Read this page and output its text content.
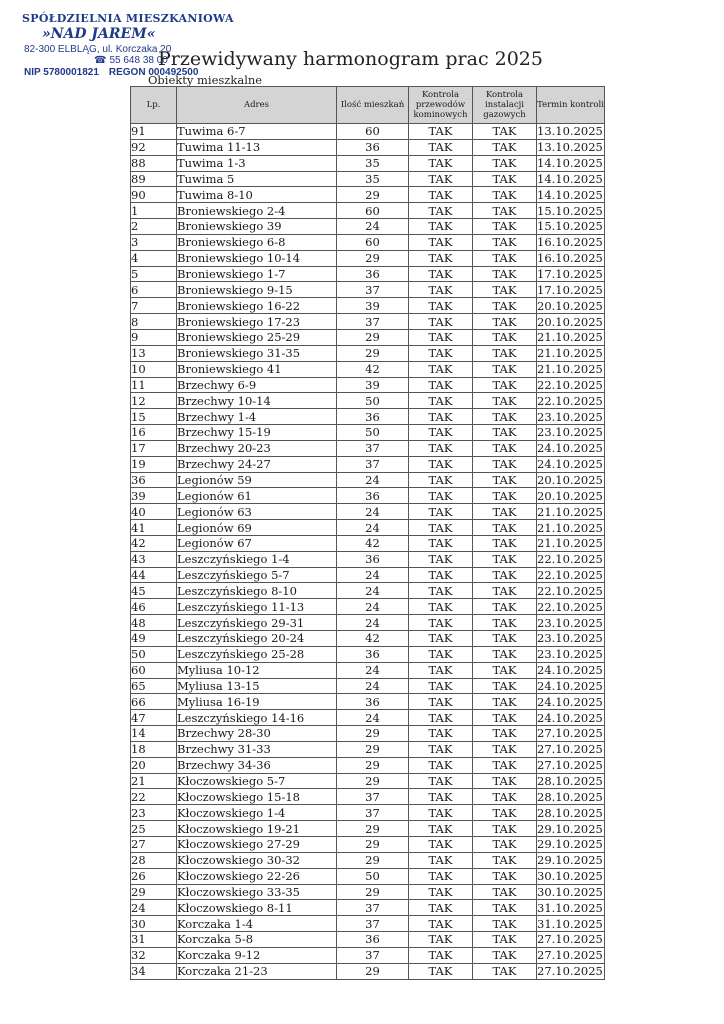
SPÓŁDZIELNIA MIESZKANIOWA
»NAD JAREM«
82-300 ELBLĄG, ul. Korczaka 20
☎ 55 648 38 00
NIP 5780001821 REGON 000492500
Przewidywany harmonogram prac 2025
Obiekty mieszkalne
Lp.	Adres	Ilość mieszkań	Kontrola przewodów kominowych	Kontrola instalacji gazowych	Termin kontroli
91	Tuwima 6-7	60	TAK	TAK	13.10.2025
92	Tuwima 11-13	36	TAK	TAK	13.10.2025
88	Tuwima 1-3	35	TAK	TAK	14.10.2025
89	Tuwima 5	35	TAK	TAK	14.10.2025
90	Tuwima 8-10	29	TAK	TAK	14.10.2025
1	Broniewskiego 2-4	60	TAK	TAK	15.10.2025
2	Broniewskiego 39	24	TAK	TAK	15.10.2025
3	Broniewskiego 6-8	60	TAK	TAK	16.10.2025
4	Broniewskiego 10-14	29	TAK	TAK	16.10.2025
5	Broniewskiego 1-7	36	TAK	TAK	17.10.2025
6	Broniewskiego 9-15	37	TAK	TAK	17.10.2025
7	Broniewskiego 16-22	39	TAK	TAK	20.10.2025
8	Broniewskiego 17-23	37	TAK	TAK	20.10.2025
9	Broniewskiego 25-29	29	TAK	TAK	21.10.2025
13	Broniewskiego 31-35	29	TAK	TAK	21.10.2025
10	Broniewskiego 41	42	TAK	TAK	21.10.2025
11	Brzechwy 6-9	39	TAK	TAK	22.10.2025
12	Brzechwy 10-14	50	TAK	TAK	22.10.2025
15	Brzechwy 1-4	36	TAK	TAK	23.10.2025
16	Brzechwy 15-19	50	TAK	TAK	23.10.2025
17	Brzechwy 20-23	37	TAK	TAK	24.10.2025
19	Brzechwy 24-27	37	TAK	TAK	24.10.2025
36	Legionów 59	24	TAK	TAK	20.10.2025
39	Legionów 61	36	TAK	TAK	20.10.2025
40	Legionów 63	24	TAK	TAK	21.10.2025
41	Legionów 69	24	TAK	TAK	21.10.2025
42	Legionów 67	42	TAK	TAK	21.10.2025
43	Leszczyńskiego 1-4	36	TAK	TAK	22.10.2025
44	Leszczyńskiego 5-7	24	TAK	TAK	22.10.2025
45	Leszczyńskiego 8-10	24	TAK	TAK	22.10.2025
46	Leszczyńskiego 11-13	24	TAK	TAK	22.10.2025
48	Leszczyńskiego 29-31	24	TAK	TAK	23.10.2025
49	Leszczyńskiego 20-24	42	TAK	TAK	23.10.2025
50	Leszczyńskiego 25-28	36	TAK	TAK	23.10.2025
60	Myliusa 10-12	24	TAK	TAK	24.10.2025
65	Myliusa 13-15	24	TAK	TAK	24.10.2025
66	Myliusa 16-19	36	TAK	TAK	24.10.2025
47	Leszczyńskiego 14-16	24	TAK	TAK	24.10.2025
14	Brzechwy 28-30	29	TAK	TAK	27.10.2025
18	Brzechwy 31-33	29	TAK	TAK	27.10.2025
20	Brzechwy 34-36	29	TAK	TAK	27.10.2025
21	Kłoczowskiego 5-7	29	TAK	TAK	28.10.2025
22	Kłoczowskiego 15-18	37	TAK	TAK	28.10.2025
23	Kłoczowskiego 1-4	37	TAK	TAK	28.10.2025
25	Kłoczowskiego 19-21	29	TAK	TAK	29.10.2025
27	Kłoczowskiego 27-29	29	TAK	TAK	29.10.2025
28	Kłoczowskiego 30-32	29	TAK	TAK	29.10.2025
26	Kłoczowskiego 22-26	50	TAK	TAK	30.10.2025
29	Kłoczowskiego 33-35	29	TAK	TAK	30.10.2025
24	Kłoczowskiego 8-11	37	TAK	TAK	31.10.2025
30	Korczaka 1-4	37	TAK	TAK	31.10.2025
31	Korczaka 5-8	36	TAK	TAK	27.10.2025
32	Korczaka 9-12	37	TAK	TAK	27.10.2025
34	Korczaka 21-23	29	TAK	TAK	27.10.2025
